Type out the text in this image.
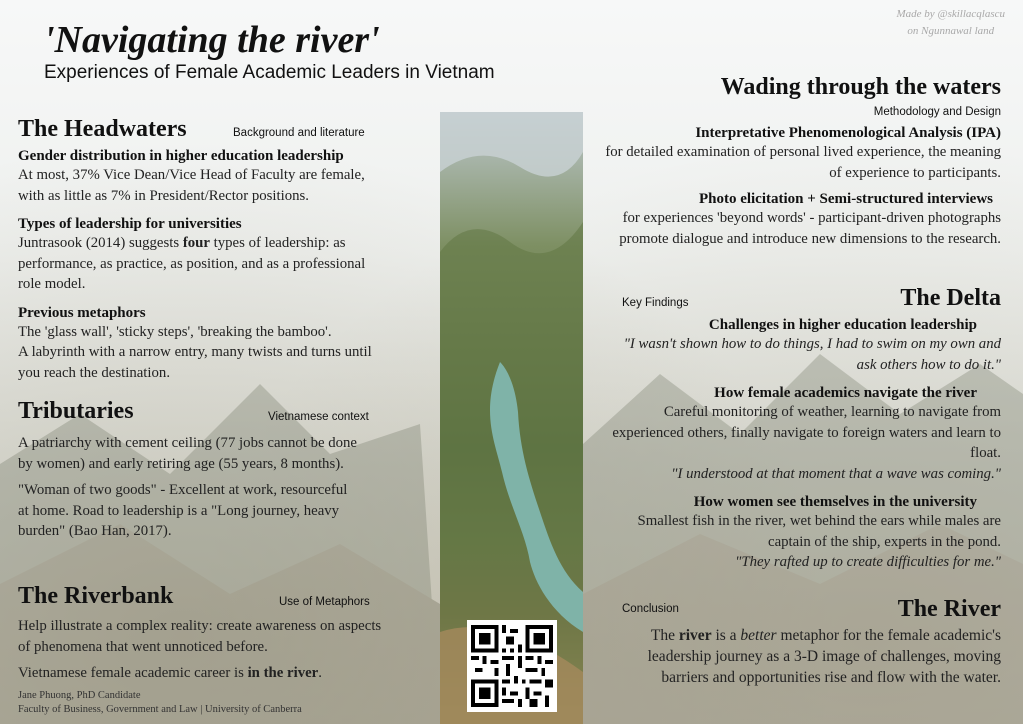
Made by @skillacqlascu
on Ngunnawal land
'Navigating the river'
Experiences of Female Academic Leaders in Vietnam
The Headwaters	Background and literature
Gender distribution in higher education leadership
At most, 37% Vice Dean/Vice Head of Faculty are female, with as little as 7% in President/Rector positions.
Types of leadership for universities
Juntrasook (2014) suggests four types of leadership: as performance, as practice, as position, and as a professional role model.
Previous metaphors
The 'glass wall', 'sticky steps', 'breaking the bamboo'.
A labyrinth with a narrow entry, many twists and turns until you reach the destination.
Tributaries	Vietnamese context
A patriarchy with cement ceiling (77 jobs cannot be done by women) and early retiring age (55 years, 8 months).
"Woman of two goods" - Excellent at work, resourceful at home. Road to leadership is a "Long journey, heavy burden" (Bao Han, 2017).
The Riverbank	Use of Metaphors
Help illustrate a complex reality: create awareness on aspects of phenomena that went unnoticed before.
Vietnamese female academic career is in the river.
Jane Phuong, PhD Candidate
Faculty of Business, Government and Law | University of Canberra
Wading through the waters
Methodology and Design
Interpretative Phenomenological Analysis (IPA)
for detailed examination of personal lived experience, the meaning of experience to participants.
Photo elicitation + Semi-structured interviews
for experiences 'beyond words' - participant-driven photographs promote dialogue and introduce new dimensions to the research.
Key Findings	The Delta
Challenges in higher education leadership
"I wasn't shown how to do things, I had to swim on my own and ask others how to do it."
How female academics navigate the river
Careful monitoring of weather, learning to navigate from experienced others, finally navigate to foreign waters and learn to float.
"I understood at that moment that a wave was coming."
How women see themselves in the university
Smallest fish in the river, wet behind the ears while males are captain of the ship, experts in the pond.
"They rafted up to create difficulties for me."
Conclusion	The River
The river is a better metaphor for the female academic's leadership journey as a 3-D image of challenges, moving barriers and opportunities rise and flow with the water.
